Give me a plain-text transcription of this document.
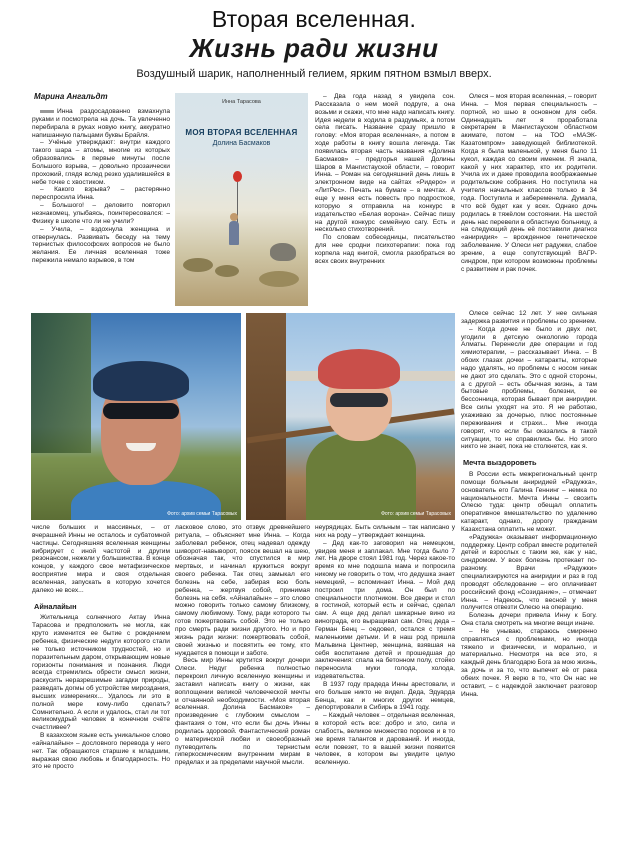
Вторая вселенная.
Жизнь ради жизни
Воздушный шарик, наполненный гелием, ярким пятном взмыл вверх.
Марина Ангальдт

Инна раздосадованно взмахнула руками и посмотрела на дочь. Та увлеченно перебирала в руках новую книгу, аккуратно напишанную пальцами буквы Брайля.

– Учёные утверждают: внутри каждого такого шара – атомы, многие из которых образовались в первые минуты после Большого взрыва, – довольно прозаически прохожий, глядя вслед резко удалившейся в небе точке с хвостиком.

– Какого взрыва? – растерянно переспросила Инна.

– Большого! – деловито повторил незнакомец, улыбаясь, поинтересовался: – Физику в школе что ли не учили?

– Учила, – вздохнула женщина и отвернулась. Развивать беседу на тему тернистых философских вопросов не было желания. Ее личная вселенная тоже пережила немало взрывов, в том

Инна Тарасова
МОЯ ВТОРАЯ ВСЕЛЕННАЯ
Долина Басмаков

– Два года назад я увидела сон. Рассказала о нем моей подруге, а она возьми и скажи, что мне надо написать книгу. Идея недели в ходила в раздумьях, а потом села писать. Название сразу пришло в голову: «Моя вторая вселенная», а потом в ходе работы в книгу вошла легенда. Так появилась вторая часть названия «Долина Басмаков» – предгорья нашей Долины Шаров в Мангистауской области, – говорит Инна. – Роман на сегодняшний день лишь в электронном виде на сайтах «Ридеро» и «ЛитРес». Печать на бумаге – в мечтах. А еще у меня есть повесть про подростков, которую я отправила на конкурс в издательство «Белая ворона». Сейчас пишу на другой конкурс семейную сагу. Есть и несколько стихотворений.

По словам собеседницы, писательство для нее сродни психотерапии: пока год корпела над книгой, смогла разобраться во всех своих внутренних

Олеся – моя вторая вселенная, – говорит Инна. – Моя первая специальность – портной, но шью в основном для себя. Одиннадцать лет я проработала секретарем в Мангистауском областном акимате, потом – на ТОО «МАЭК-Казатомпром» заведующей библиотекой. Когда я была маленькой, у меня было 11 кукол, каждая со своим именем. Я знала, какой у них характер, кто их родители. Учила их и даже проводила воображаемые родительские собрания. Но поступила на учителя начальных классов только в 34 года. Поступила и забеременела. Думала, что всё будет как у всех. Однако дочь родилась в тяжёлом состоянии. На шестой день нас перевели в областную больницу, а на следующий день её поставили диагноз «аниридия» – врожденное генетическое заболевание. У Олеси нет радужки, слабое зрение, а еще сопутствующий ВАГР-синдром, при котором возможны проблемы с развитием и рак почек.

Фото: архив семьи Тарасовых	Фото: архив семьи Тарасовых

Олесе сейчас 12 лет. У нее сильная задержка развития и проблемы со зрением.

– Когда дочке не было и двух лет, угодили в детскую онкологию города Алматы. Перенесли две операции и год химиотерапии, – рассказывает Инна. – В обоих глазах дочки – катаракты, которые надо удалять, но проблемы с носом никак не дают это сделать. Это с одной стороны, а с другой – есть обычная жизнь, а там бытовые проблемы, болезни, ее бессонница, которая бывает при аниридии. Все силы уходят на это. Я не работаю, ухаживаю за дочерью, плюс постоянные переживания и страхи... Мне иногда говорят, что если бы оказались в такой ситуации, то не справились бы. Но этого никто не знает, пока не столкнется, как я.

Мечта выздороветь

В России есть межрегиональный центр помощи больным аниридией «Радужка», основатель его Галина Геннинг – немка по национальности. Мечта Инны – свозить Олесю туда: центр обещал оплатить оперативное вмешательство по удалению катаракт, однако, дорогу гражданам Казахстана оплатить не может.

«Радужка» оказывает информационную поддержку. Центр собрал вместе родителей детей и взрослых с таким же, как у нас, синдромом. У всех болезнь протекает по-разному. Врачи «Радужки» специализируются на аниридии и раз в год проводят обследование – его оплачивает российский фонд «Созидание», – отмечает Инна. – Надеюсь, что весной у меня получится отвезти Олесю на операцию.

Болезнь дочери привела Инну к Богу. Она стала смотреть на многие вещи иначе.

– Не унываю, стараюсь смиренно справляться с проблемами, но иногда тяжело и физически, и морально, и материально. Несмотря на все это, я каждый день благодарю Бога за мою жизнь, за дочь и за то, что выпечет её от рака обеих почек. Я верю в то, что Он нас не оставит, – с надеждой заключает разговор Инна.

числе больших и массивных, – от вчерашней Инны не осталось и субатомной частицы. Сегодняшняя вселенная женщины вибрирует с иной частотой и другим резонансом, нежели у большинства. В конце концов, у каждого свое метафизическое восприятие мира и своя отдельная вселенная, запускать в которую хочется далеко не всех...

Айналайын

Жительница солнечного Актау Инна Тарасова и предположить не могла, как круто изменится ее бытие с рождением ребенка, физические недуги которого стали не только источником трудностей, но и поразительным даром, открывающим новые горизонты понимания и познания. Люди всегда стремились обрести смысл жизни, раскусить неразрешимые загадки природы, разведать догмы об устройстве мироздания, высших измерениях... Удалось ли это в полной мере кому-либо сделать? Сомнительно. А если и удалось, стал ли тот великомудрый человек в конечном счёте счастливее?

В казахском языке есть уникальное слово «айналайын» – дословного перевода у него нет. Так обращаются старшие к младшим, выражая свою любовь и благодарность. Но это не просто

ласковое слово, это отзвук древнейшего ритуала, – объясняет мне Инна. – Когда заболевал ребенок, отец надевал одежду шиворот-навыворот, поясок вешал на шею, обозначая так, что спустился в мир мертвых, и начинал кружиться вокруг своего ребенка. Так отец замыкал его болезнь на себе, забирая всю боль ребенка, – жертвуя собой, принимая болезнь на себя. «Айналайын» – это слово можно говорить только самому близкому, самому любимому. Тому, ради которого ты готов пожертвовать собой. Это не только про смерть ради жизни другого. Но и про жизнь ради жизни: пожертвовать собой, своей жизнью и посвятить ее тому, кто нуждается в помощи и заботе.

Весь мир Инны крутится вокруг дочери Олеси. Недуг ребенка полностью перекроил личную вселенную женщины и заставил написать книгу о жизни, как воплощении великой человеческой мечты и отчаянной необходимости. «Моя вторая вселенная. Долина Басмаков» – произведение с глубоким смыслом – фантазия о том, что если бы дочь Инны родилась здоровой. Фантастический роман о материнской любви и своеобразный путеводитель по тернистым гиперкосмическим внутренним мирам в пределах и за пределами научной мысли.

неурядицах. Быть сильным – так написано у них на роду – утверждает женщина.

– Дед как-то заговорил на немецком, увидев меня и заплакал. Мне тогда было 7 лет. На дворе стоял 1981 год. Через какое-то время ко мне подошла мама и попросила никому не говорить о том, что дедушка знает немецкий, – вспоминает Инна. – Мой дед построил три дома. Он был по специальности плотником. Все двери и стол в гостиной, который есть и сейчас, сделал сам. А еще дед делал шикарные вино из винограда, его выращивал сам. Отец деда – Герман Бенц – оедовел, остался с тремя маленькими детьми. И в наш род пришла Мальвина Центнер, женщина, взявшая на себя воспитание детей и прошедшая до заключения: спала на бетонном полу, стойко переносила муки голода, холода, издевательства.

В 1937 году прадеда Инны арестовали, и его больше никто не видел. Деда, Эдуарда Бенца, как и многих других немцев, депортировали в Сибирь в 1941 году.

– Каждый человек – отдельная вселенная, в которой есть все: добро и зло, сила и слабость, великое множество пороков и в то же время талантов и дарований. И иногда, если повезет, то в вашей жизни появится человек, в котором вы увидите целую вселенную.
